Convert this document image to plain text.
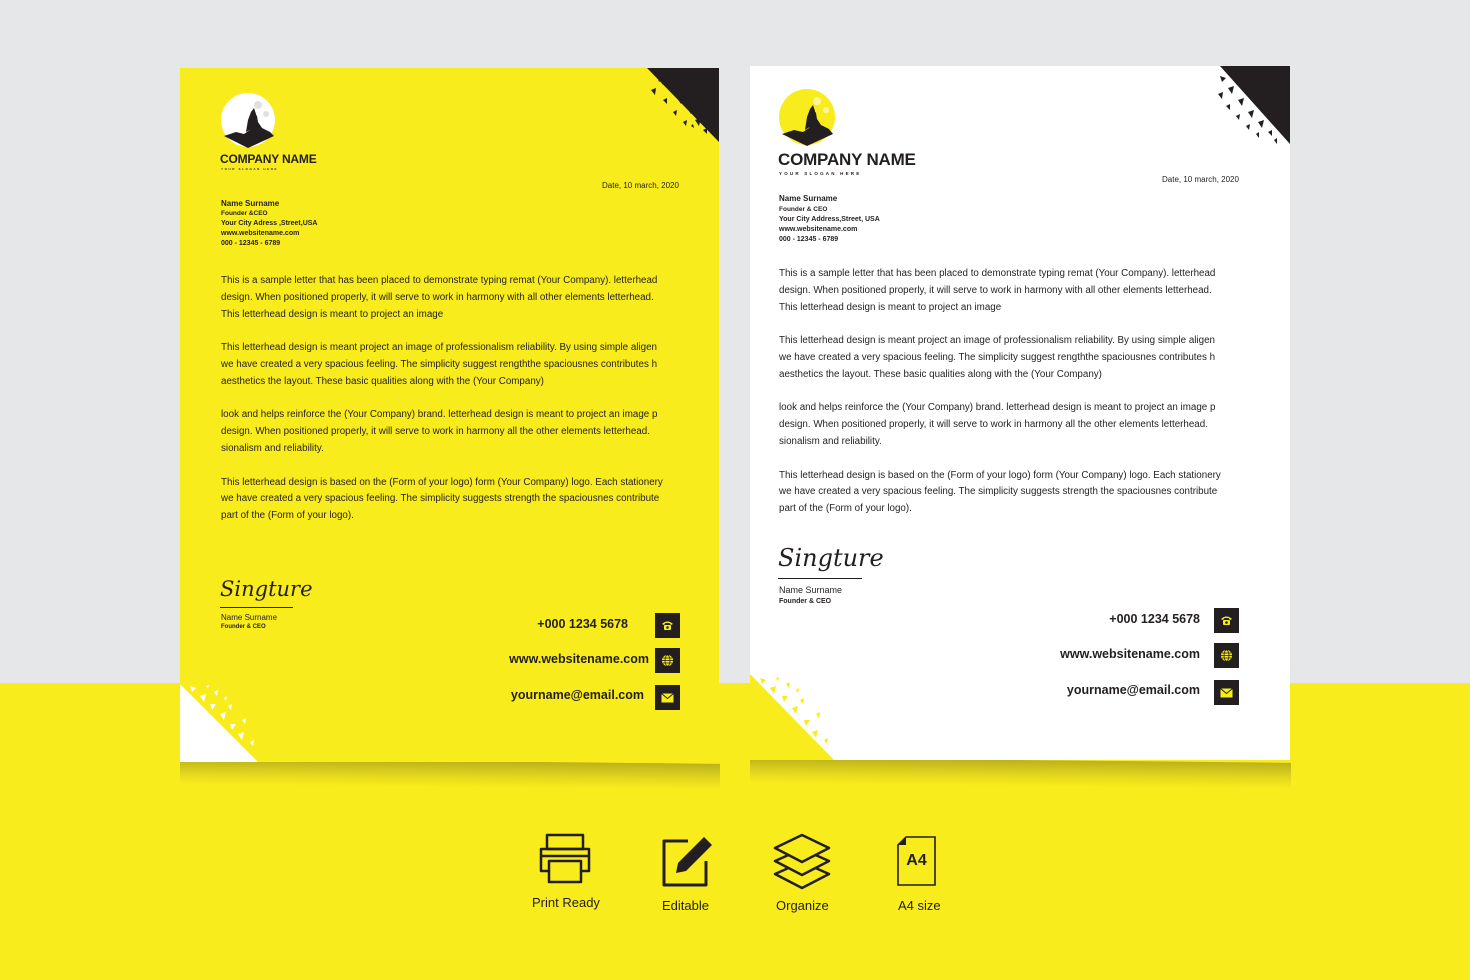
COMPANY NAME
YOUR SLOGAN HERE
Date, 10 march, 2020
Name Surname
Founder &CEO
Your City Adress ,Street,USA
www.websitename.com
000 - 12345 - 6789

This is a sample letter that has been placed to demonstrate typing remat (Your Company). letterhead

design. When positioned properly, it will serve to work in harmony with all other elements letterhead.

This letterhead design is meant to project an image

This letterhead design is meant project an image of professionalism reliability. By using simple aligen

we have created a very spacious feeling. The simplicity suggest rengththe spaciousnes contributes h

aesthetics the layout. These basic qualities along with the (Your Company)

look and helps reinforce the (Your Company) brand. letterhead design is meant to project an image p

design. When positioned properly, it will serve to work in harmony all the other elements letterhead.

sionalism and reliability.

This letterhead design is based on the (Form of your logo) form (Your Company) logo. Each stationery

we have created a very spacious feeling. The simplicity suggests strength the spaciousnes contribute

part of the (Form of your logo).

Singture
Name Surname
Founder & CEO	+000 1234 5678
www.websitename.com
yourname@email.com
COMPANY NAME
YOUR SLOGAN HERE
Date, 10 march, 2020
Name Surname
Founder & CEO
Your City Address,Street, USA
www.websitename.com
000 - 12345 - 6789

This is a sample letter that has been placed to demonstrate typing remat (Your Company). letterhead

design. When positioned properly, it will serve to work in harmony with all other elements letterhead.

This letterhead design is meant to project an image

This letterhead design is meant project an image of professionalism reliability. By using simple aligen

we have created a very spacious feeling. The simplicity suggest rengththe spaciousnes contributes h

aesthetics the layout. These basic qualities along with the (Your Company)

look and helps reinforce the (Your Company) brand. letterhead design is meant to project an image p

design. When positioned properly, it will serve to work in harmony all the other elements letterhead.

sionalism and reliability.

This letterhead design is based on the (Form of your logo) form (Your Company) logo. Each stationery

we have created a very spacious feeling. The simplicity suggests strength the spaciousnes contribute

part of the (Form of your logo).

Singture
Name Surname
Founder & CEO
+000 1234 5678
www.websitename.com
yourname@email.com
Print Ready	Editable	Organize
A4
A4 size
